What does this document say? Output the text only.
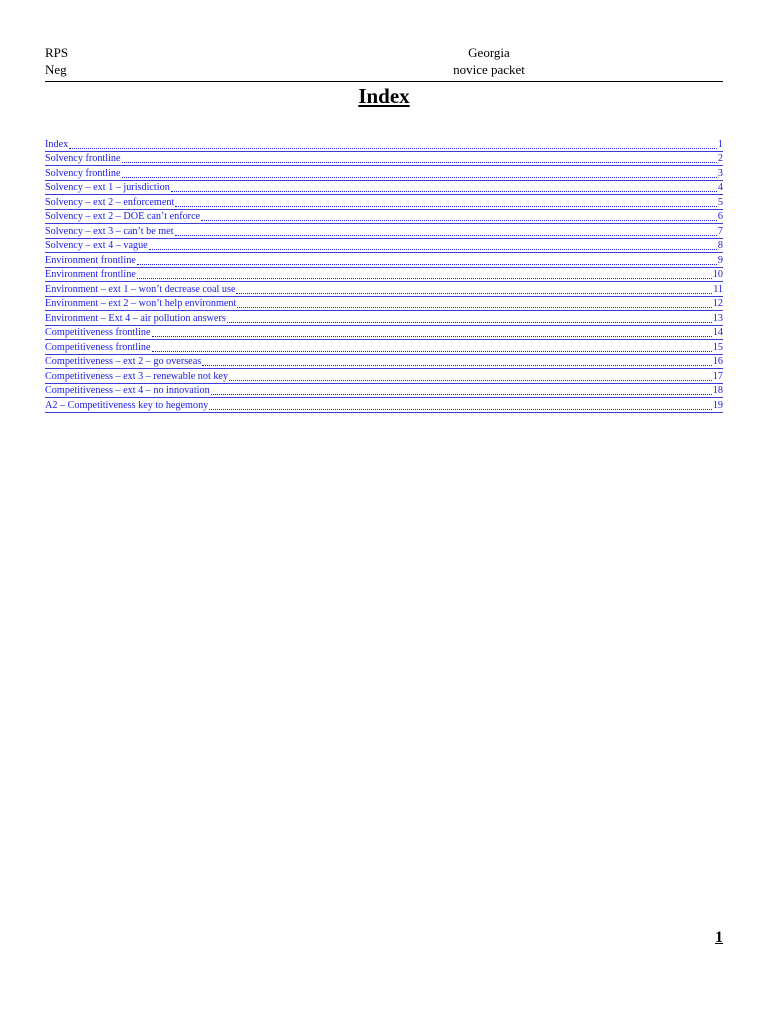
RPS
Neg
Georgia
novice packet
Index
Index	1
Solvency frontline	2
Solvency frontline	3
Solvency – ext 1 – jurisdiction	4
Solvency – ext 2 – enforcement	5
Solvency – ext 2 – DOE can’t enforce	6
Solvency – ext 3 – can’t be met	7
Solvency – ext 4 – vague	8
Environment frontline	9
Environment frontline	10
Environment – ext 1 – won’t decrease coal use	11
Environment – ext 2 – won’t help environment	12
Environment – Ext 4 – air pollution answers	13
Competitiveness frontline	14
Competitiveness frontline	15
Competitiveness – ext 2 – go overseas	16
Competitiveness – ext 3 – renewable not key	17
Competitiveness – ext 4 – no innovation	18
A2 – Competitiveness key to hegemony	19
1
